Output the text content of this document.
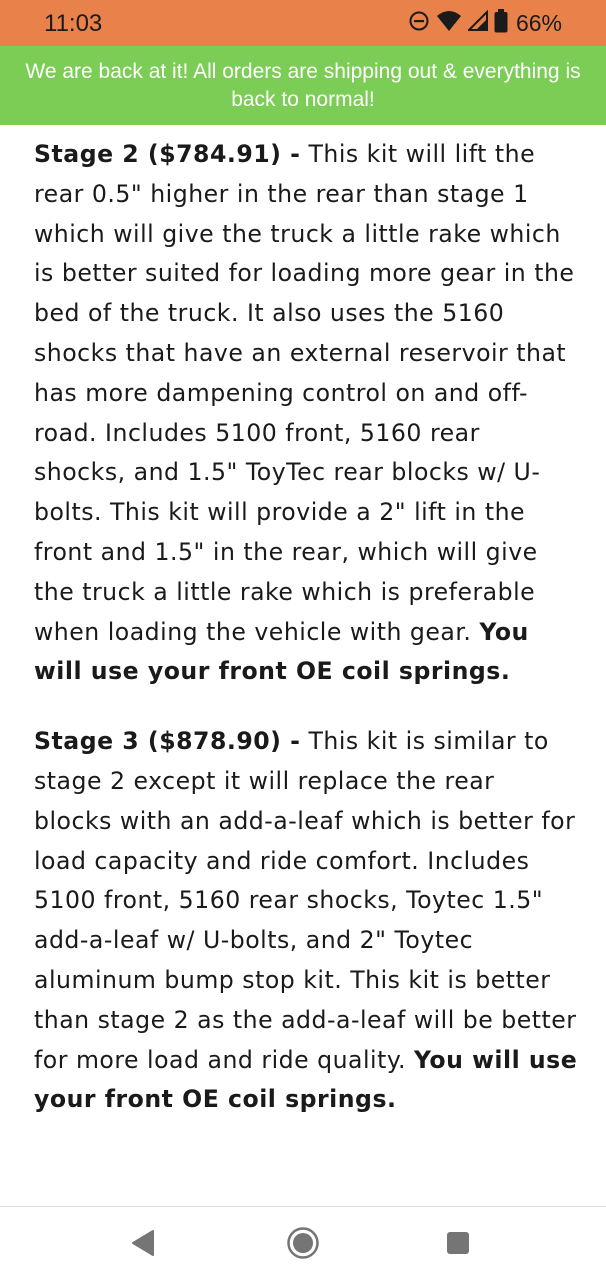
11:03	66%
We are back at it! All orders are shipping out & everything is back to normal!

Stage 2 ($784.91) - This kit will lift the rear 0.5" higher in the rear than stage 1 which will give the truck a little rake which is better suited for loading more gear in the bed of the truck. It also uses the 5160 shocks that have an external reservoir that has more dampening control on and off-road. Includes 5100 front, 5160 rear shocks, and 1.5" ToyTec rear blocks w/ U-bolts. This kit will provide a 2" lift in the front and 1.5" in the rear, which will give the truck a little rake which is preferable when loading the vehicle with gear. You will use your front OE coil springs.

Stage 3 ($878.90) - This kit is similar to stage 2 except it will replace the rear blocks with an add-a-leaf which is better for load capacity and ride comfort. Includes 5100 front, 5160 rear shocks, Toytec 1.5" add-a-leaf w/ U-bolts, and 2" Toytec aluminum bump stop kit. This kit is better than stage 2 as the add-a-leaf will be better for more load and ride quality. You will use your front OE coil springs.
